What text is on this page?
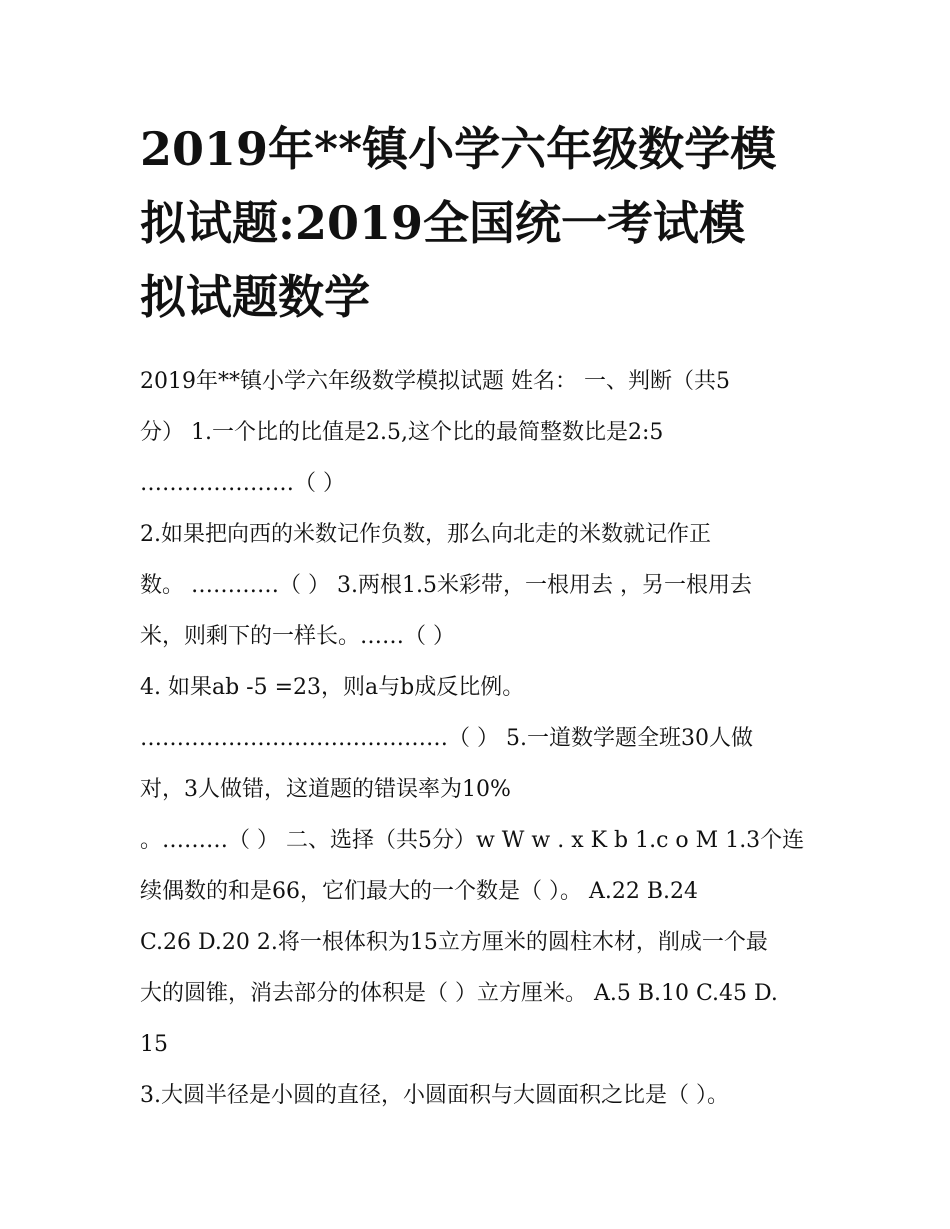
2019年**镇小学六年级数学模
拟试题:2019全国统一考试模
拟试题数学
2019年**镇小学六年级数学模拟试题 姓名： 一、判断（共5
分） 1.一个比的比值是2.5,这个比的最简整数比是2:5
…………………（ ）
2.如果把向西的米数记作负数，那么向北走的米数就记作正
数。 …………（ ） 3.两根1.5米彩带，一根用去 ，另一根用去
米，则剩下的一样长。……（ ）
4. 如果ab -5 =23，则a与b成反比例。
……………………………………（ ） 5.一道数学题全班30人做
对，3人做错，这道题的错误率为10%
。………（ ） 二、选择（共5分）w W w . x K b 1.c o M 1.3个连
续偶数的和是66，它们最大的一个数是（ ）。 A.22 B.24
C.26 D.20 2.将一根体积为15立方厘米的圆柱木材，削成一个最
大的圆锥，消去部分的体积是（ ）立方厘米。 A.5 B.10 C.45 D.
15
3.大圆半径是小圆的直径，小圆面积与大圆面积之比是（ ）。
